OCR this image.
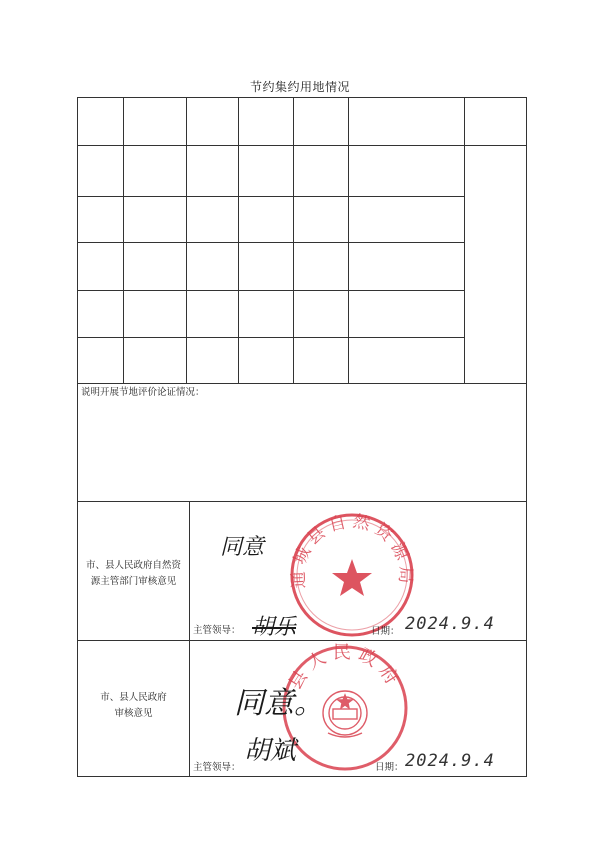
节约集约用地情况
说明开展节地评价论证情况：
市、县人民政府自然资
源主管部门审核意见	通城县自然资源局
同意
主管领导： 胡乐	日期： 2024.9.4
市、县人民政府
审核意见
县人民政府
同意。
主管领导：
胡斌
日期： 2024.9.4
